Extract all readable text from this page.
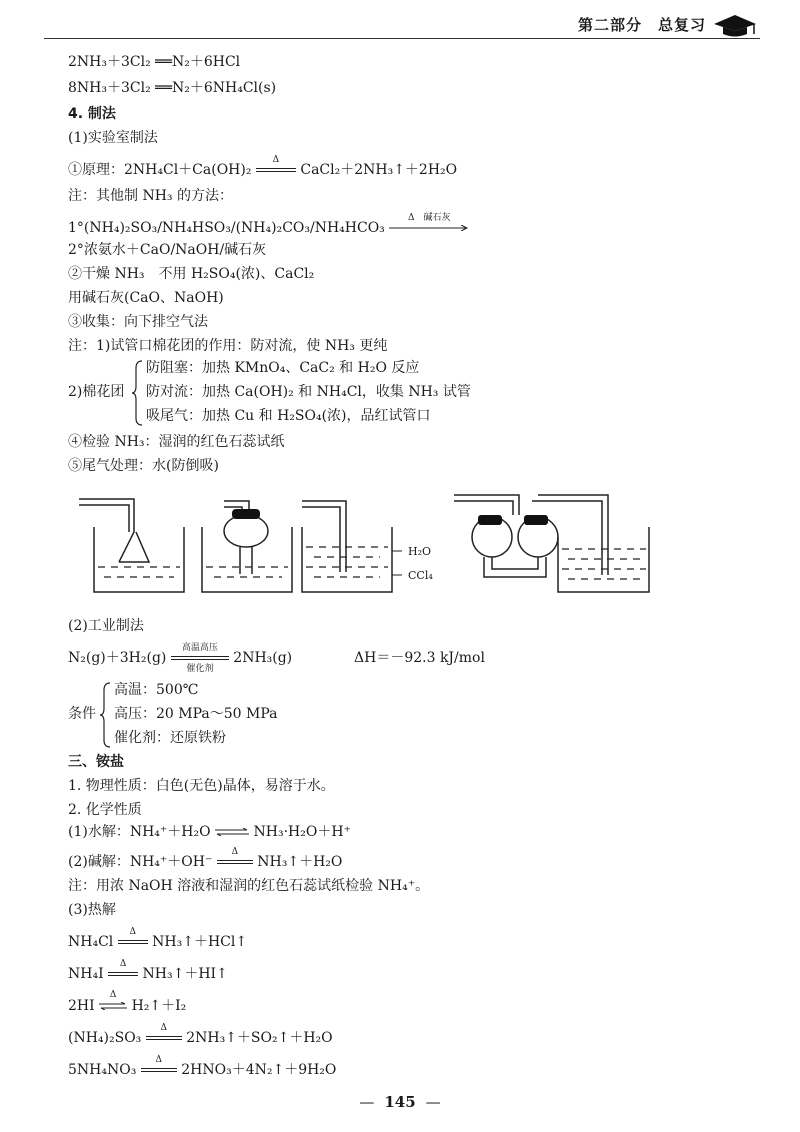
第二部分　总复习
2NH₃＋3Cl₂ ══N₂＋6HCl
8NH₃＋3Cl₂ ══N₂＋6NH₄Cl(s)
4. 制法
(1)实验室制法
①原理：2NH₄Cl＋Ca(OH)₂
Δ
CaCl₂＋2NH₃↑＋2H₂O
注：其他制 NH₃ 的方法：
1°(NH₄)₂SO₃/NH₄HSO₃/(NH₄)₂CO₃/NH₄HCO₃
Δ　碱石灰
2°浓氨水＋CaO/NaOH/碱石灰
②干燥 NH₃　不用 H₂SO₄(浓)、CaCl₂
用碱石灰(CaO、NaOH)
③收集：向下排空气法
注：1)试管口棉花团的作用：防对流，使 NH₃ 更纯
2)棉花团
防阻塞：加热 KMnO₄、CaC₂ 和 H₂O 反应
防对流：加热 Ca(OH)₂ 和 NH₄Cl，收集 NH₃ 试管
吸尾气：加热 Cu 和 H₂SO₄(浓)，品红试管口
④检验 NH₃：湿润的红色石蕊试纸
⑤尾气处理：水(防倒吸)
H₂O
CCl₄
(2)工业制法
N₂(g)＋3H₂(g)
高温高压
催化剂
2NH₃(g)	ΔH＝－92.3 kJ/mol
条件
高温：500℃
高压：20 MPa～50 MPa
催化剂：还原铁粉
三、铵盐
1. 物理性质：白色(无色)晶体，易溶于水。
2. 化学性质
(1)水解：NH₄⁺＋H₂O ⇌ NH₃·H₂O＋H⁺
(2)碱解：NH₄⁺＋OH⁻
Δ
NH₃↑＋H₂O
注：用浓 NaOH 溶液和湿润的红色石蕊试纸检验 NH₄⁺。
(3)热解
NH₄Cl
Δ
NH₃↑＋HCl↑
NH₄I
Δ
NH₃↑＋HI↑
2HI
Δ
H₂↑＋I₂
(NH₄)₂SO₃
Δ
2NH₃↑＋SO₂↑＋H₂O
5NH₄NO₃
Δ
2HNO₃＋4N₂↑＋9H₂O
— 145 —
